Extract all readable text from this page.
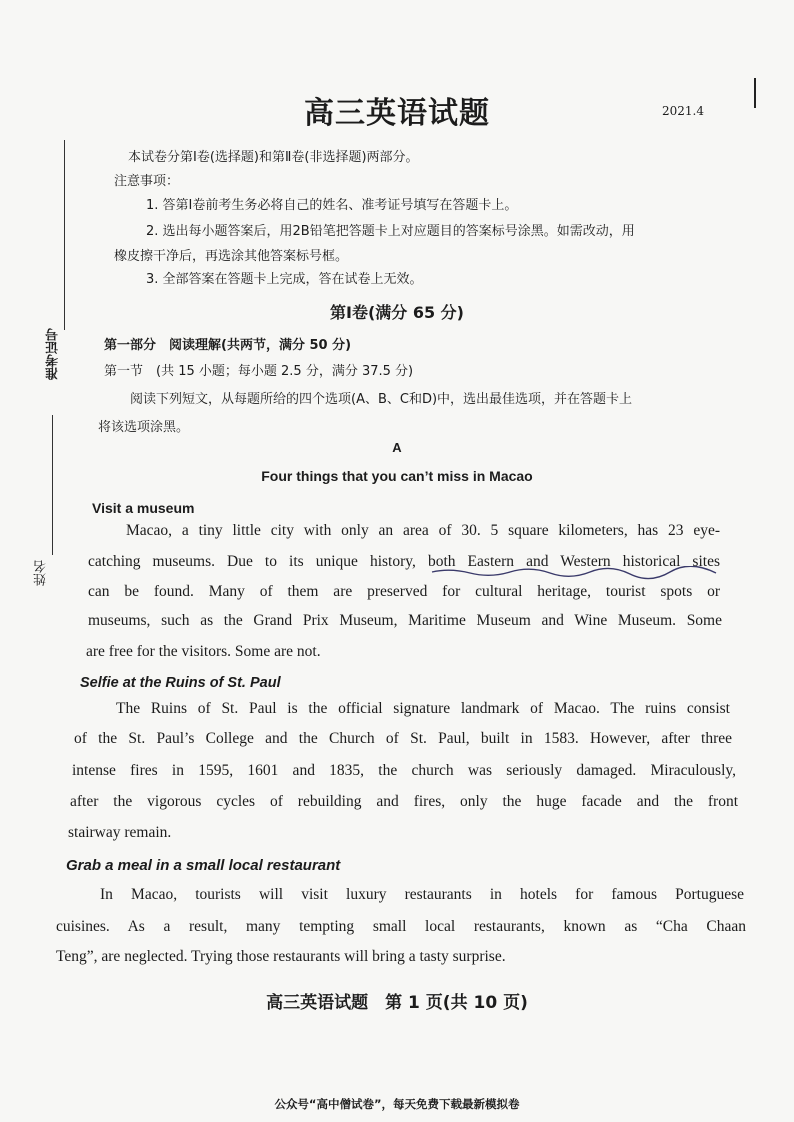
高三英语试题	2021.4
准考证号
姓名
本试卷分第Ⅰ卷(选择题)和第Ⅱ卷(非选择题)两部分。
注意事项：
1. 答第Ⅰ卷前考生务必将自己的姓名、准考证号填写在答题卡上。
2. 选出每小题答案后，用2B铅笔把答题卡上对应题目的答案标号涂黑。如需改动，用
橡皮擦干净后，再选涂其他答案标号框。
3. 全部答案在答题卡上完成，答在试卷上无效。
第Ⅰ卷(满分 65 分)
第一部分　阅读理解(共两节，满分 50 分)
第一节　(共 15 小题；每小题 2.5 分，满分 37.5 分)
阅读下列短文，从每题所给的四个选项(A、B、C和D)中，选出最佳选项，并在答题卡上
将该选项涂黑。
A
Four things that you can’t miss in Macao
Visit a museum
Macao, a tiny little city with only an area of 30. 5 square kilometers, has 23 eye-
catching museums. Due to its unique history, both Eastern and Western historical sites
can be found. Many of them are preserved for cultural heritage, tourist spots or
museums, such as the Grand Prix Museum, Maritime Museum and Wine Museum. Some
are free for the visitors. Some are not.
Selfie at the Ruins of St. Paul
The Ruins of St. Paul is the official signature landmark of Macao. The ruins consist
of the St. Paul’s College and the Church of St. Paul, built in 1583. However, after three
intense fires in 1595, 1601 and 1835, the church was seriously damaged. Miraculously,
after the vigorous cycles of rebuilding and fires, only the huge facade and the front
stairway remain.
Grab a meal in a small local restaurant
In Macao, tourists will visit luxury restaurants in hotels for famous Portuguese
cuisines. As a result, many tempting small local restaurants, known as “Cha Chaan
Teng”, are neglected. Trying those restaurants will bring a tasty surprise.
高三英语试题　第 1 页(共 10 页)
公众号“高中僧试卷”，每天免费下载最新模拟卷
